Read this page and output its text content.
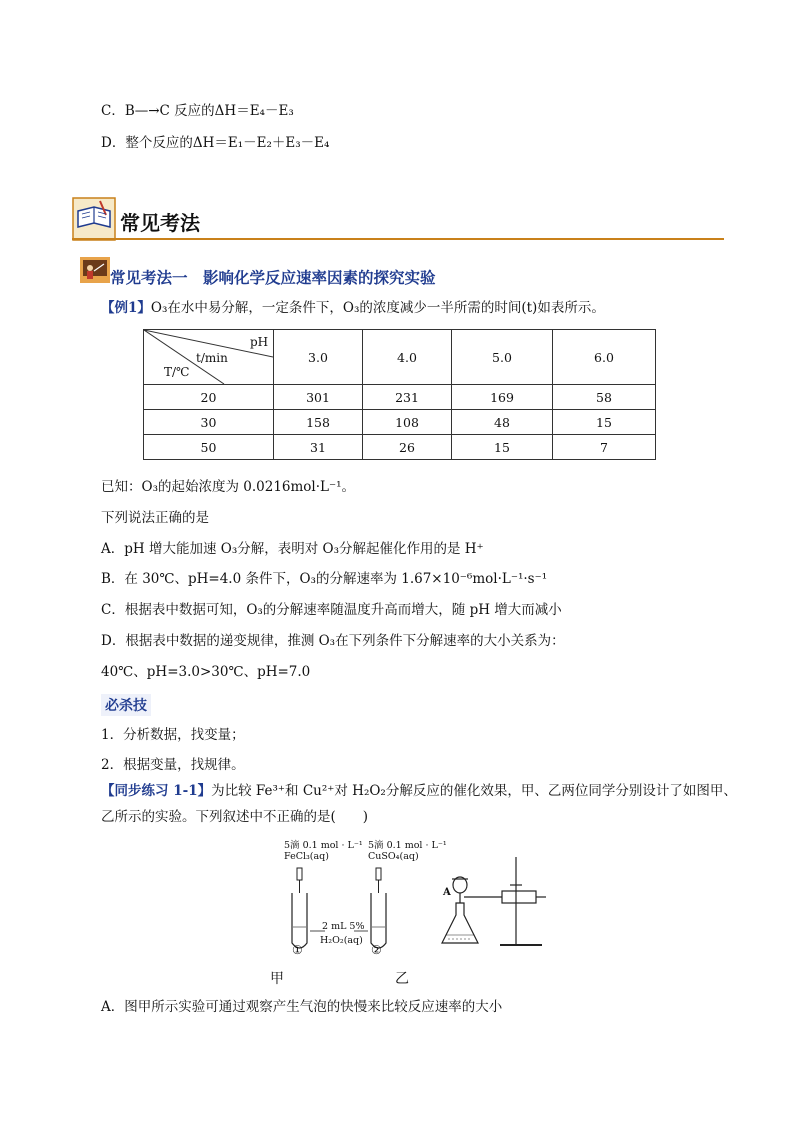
C．B—→C 反应的ΔH＝E₄－E₃
D．整个反应的ΔH＝E₁－E₂＋E₃－E₄
常见考法
常见考法一　影响化学反应速率因素的探究实验
【例1】O₃在水中易分解，一定条件下，O₃的浓度减少一半所需的时间(t)如表所示。
pH
t/min
T/℃	3.0	4.0	5.0	6.0
20	301	231	169	58
30	158	108	48	15
50	31	26	15	7
已知：O₃的起始浓度为 0.0216mol·L⁻¹。
下列说法正确的是
A．pH 增大能加速 O₃分解，表明对 O₃分解起催化作用的是 H⁺
B．在 30℃、pH=4.0 条件下，O₃的分解速率为 1.67×10⁻⁶mol·L⁻¹·s⁻¹
C．根据表中数据可知，O₃的分解速率随温度升高而增大，随 pH 增大而减小
D．根据表中数据的递变规律，推测 O₃在下列条件下分解速率的大小关系为：
40℃、pH=3.0>30℃、pH=7.0
必杀技
1．分析数据，找变量；
2．根据变量，找规律。
【同步练习 1-1】为比较 Fe³⁺和 Cu²⁺对 H₂O₂分解反应的催化效果，甲、乙两位同学分别设计了如图甲、
乙所示的实验。下列叙述中不正确的是(　　)
5滴 0.1 mol · L⁻¹
FeCl₃(aq)
5滴 0.1 mol · L⁻¹
CuSO₄(aq)
2 mL 5%
H₂O₂(aq)
①	②
A
甲	乙
A．图甲所示实验可通过观察产生气泡的快慢来比较反应速率的大小
